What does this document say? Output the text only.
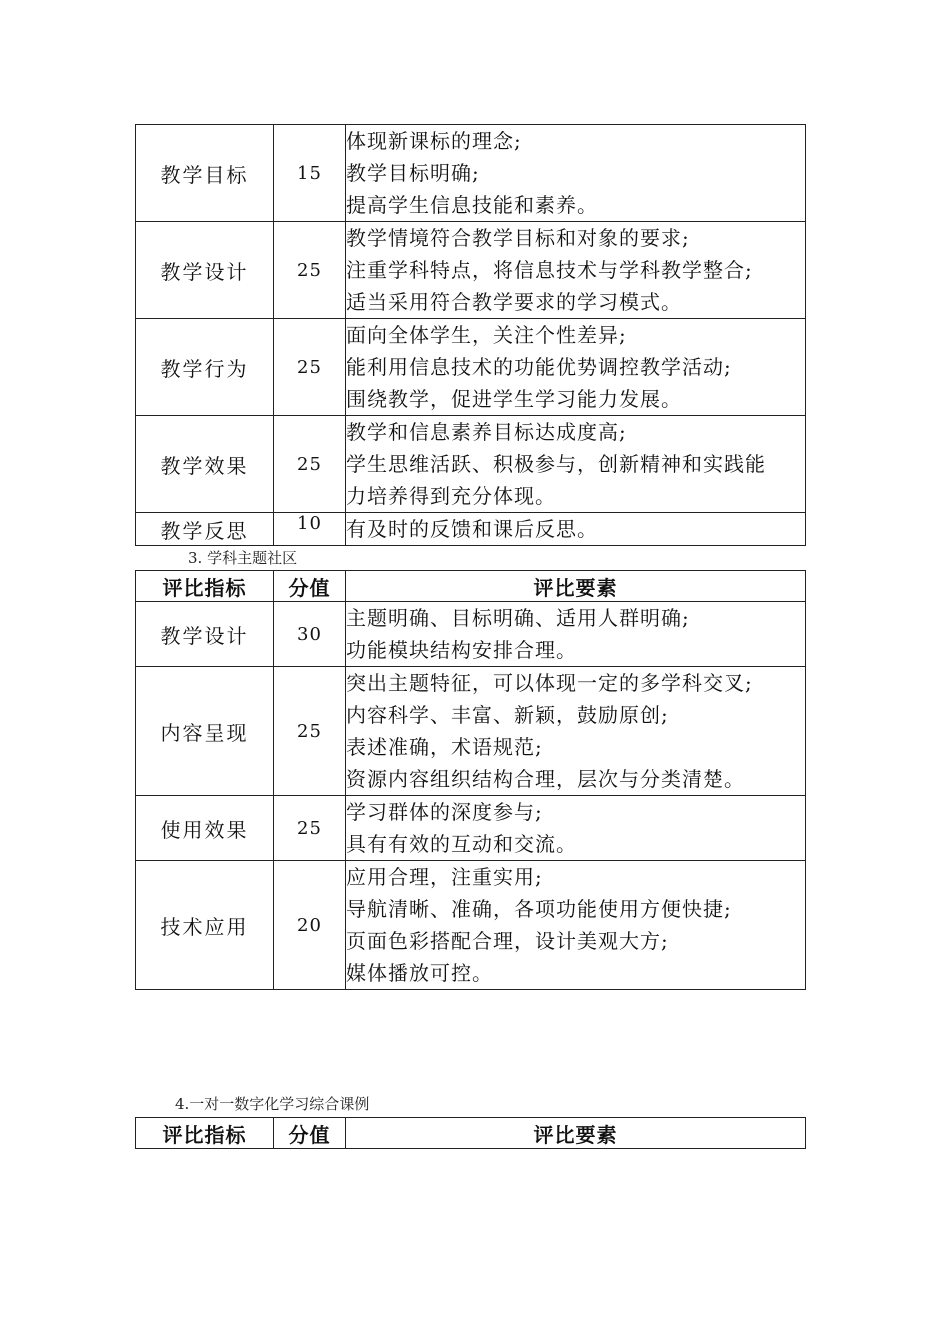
教学目标	15	体现新课标的理念;
教学目标明确;
提高学生信息技能和素养。

教学设计	25	教学情境符合教学目标和对象的要求;
注重学科特点，将信息技术与学科教学整合;
适当采用符合教学要求的学习模式。

教学行为	25	面向全体学生，关注个性差异;
能利用信息技术的功能优势调控教学活动;
围绕教学，促进学生学习能力发展。

教学效果	25	教学和信息素养目标达成度高;
学生思维活跃、积极参与，创新精神和实践能
力培养得到充分体现。

教学反思	10	有及时的反馈和课后反思。
3. 学科主题社区
评比指标	分值	评比要素
教学设计	30	主题明确、目标明确、适用人群明确;
功能模块结构安排合理。

内容呈现	25	突出主题特征，可以体现一定的多学科交叉;
内容科学、丰富、新颖，鼓励原创;
表述准确，术语规范;
资源内容组织结构合理，层次与分类清楚。

使用效果	25	学习群体的深度参与;
具有有效的互动和交流。

技术应用	20	应用合理，注重实用;
导航清晰、准确，各项功能使用方便快捷;
页面色彩搭配合理，设计美观大方;
媒体播放可控。
4.一对一数字化学习综合课例
评比指标	分值	评比要素
